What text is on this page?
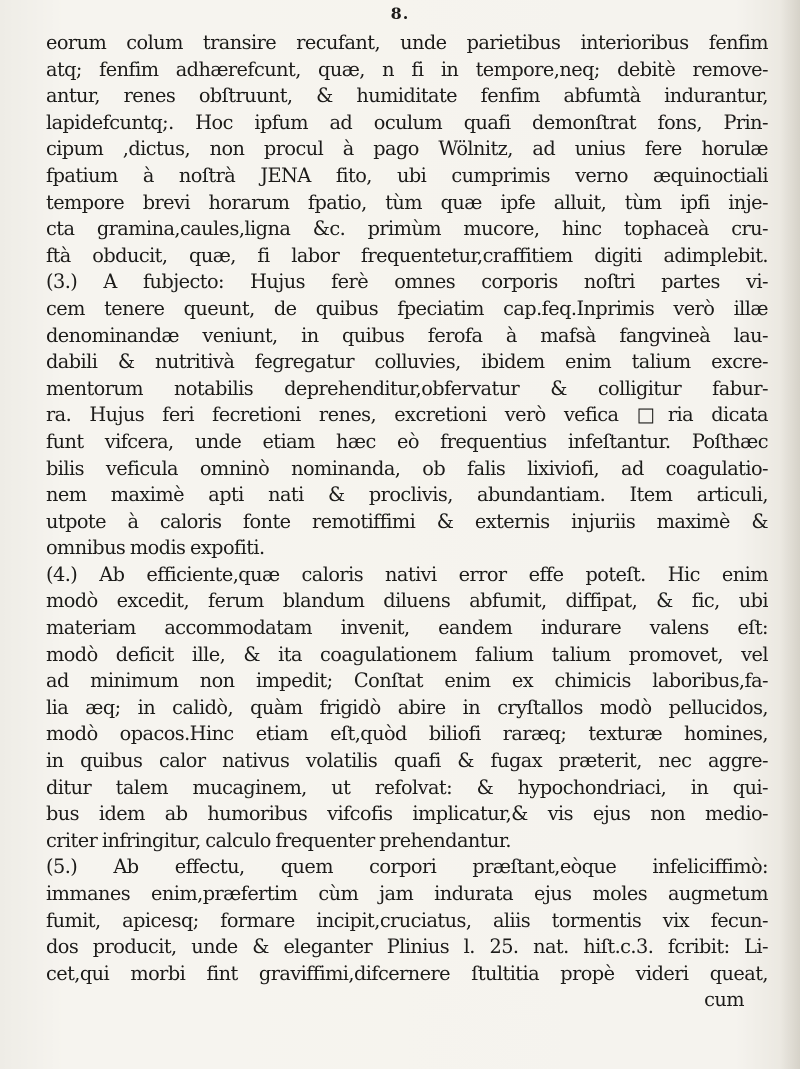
8.
eorum colum transire recufant, unde parietibus interioribus fenfim
atq; fenfim adhærefcunt, quæ, n fi in tempore,neq; debitè remove-
antur, renes obſtruunt, & humiditate fenfim abfumtà indurantur,
lapidefcuntq;. Hoc ipfum ad oculum quafi demonſtrat fons, Prin-
cipum ,dictus, non procul à pago Wölnitz, ad unius fere horulæ
fpatium à noſtrà JENA fito, ubi cumprimis verno æquinoctiali
tempore brevi horarum fpatio, tùm quæ ipfe alluit, tùm ipfi inje-
cta gramina,caules,ligna &c. primùm mucore, hinc tophaceà cru-
ftà obducit, quæ, fi labor frequentetur,craffitiem digiti adimplebit.
(3.) A fubjecto: Hujus ferè omnes corporis noſtri partes vi-
cem tenere queunt, de quibus fpeciatim cap.feq.Inprimis verò illæ
denominandæ veniunt, in quibus ferofa à mafsà fangvineà lau-
dabili & nutritivà fegregatur colluvies, ibidem enim talium excre-
mentorum notabilis deprehenditur,obfervatur & colligitur fabur-
ra. Hujus feri fecretioni renes, excretioni verò vefica □ria dicata
funt vifcera, unde etiam hæc eò frequentius infeſtantur. Poſthæc
bilis veficula omninò nominanda, ob falis lixiviofi, ad coagulatio-
nem maximè apti nati & proclivis, abundantiam. Item articuli,
utpote à caloris fonte remotiffimi & externis injuriis maximè &
omnibus modis expofiti.
(4.) Ab efficiente,quæ caloris nativi error effe poteſt. Hic enim
modò excedit, ferum blandum diluens abfumit, diffipat, & fic, ubi
materiam accommodatam invenit, eandem indurare valens eſt:
modò deficit ille, & ita coagulationem falium talium promovet, vel
ad minimum non impedit; Conſtat enim ex chimicis laboribus,fa-
lia æq; in calidò, quàm frigidò abire in cryſtallos modò pellucidos,
modò opacos.Hinc etiam eſt,quòd biliofi raræq; texturæ homines,
in quibus calor nativus volatilis quafi & fugax præterit, nec aggre-
ditur talem mucaginem, ut refolvat: & hypochondriaci, in qui-
bus idem ab humoribus vifcofis implicatur,& vis ejus non medio-
criter infringitur, calculo frequenter prehendantur.
(5.) Ab effectu, quem corpori præſtant,eòque infeliciffimò:
immanes enim,præfertim cùm jam indurata ejus moles augmetum
fumit, apicesq; formare incipit,cruciatus, aliis tormentis vix fecun-
dos producit, unde & eleganter Plinius l. 25. nat. hiſt.c.3. fcribit: Li-
cet,qui morbi fint graviffimi,difcernere ſtultitia propè videri queat,
cum
